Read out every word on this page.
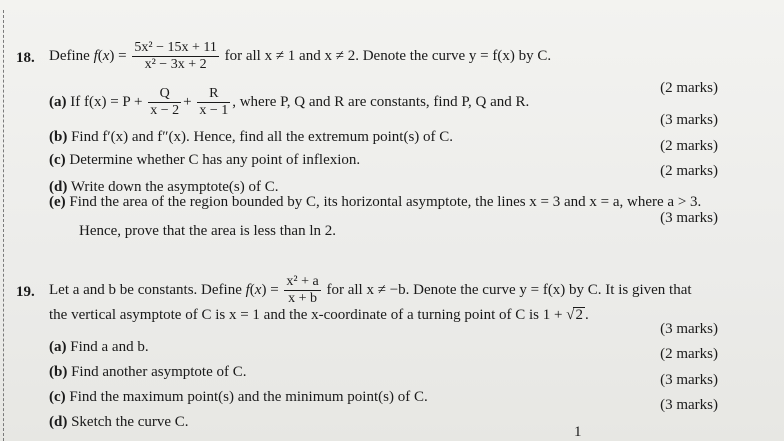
18. Define $f(x) = \frac{\text{5x² − 15x + 11}}{\text{x² − 3x + 2}}$ for all x ≠ 1 and x ≠ 2. Denote the curve y = f(x) by C.
(a) If $f(x) = P + \frac{Q}{x - 2} + \frac{R}{x - 1}$ , where P, Q and R are constants, find P, Q and R.
(2 marks)
(3 marks)
(b) Find f′(x) and f″(x). Hence, find all the extremum point(s) of C.
(2 marks)
(c) Determine whether C has any point of inflexion.
(2 marks)
(d) Write down the asymptote(s) of C.
(e) Find the area of the region bounded by C, its horizontal asymptote, the lines x = 3 and x = a, where a > 3.
(3 marks)
Hence, prove that the area is less than ln 2.
19. Let a and b be constants. Define $f(x) = \frac{\text{x² + a}}{x + b}$ for all x ≠ −b. Denote the curve y = f(x) by C. It is given that
the vertical asymptote of C is x = 1 and the x-coordinate of a turning point of C is 1 + √2 .
(3 marks)
(a) Find a and b.	(2 marks)
(b) Find another asymptote of C.	(3 marks)
(c) Find the maximum point(s) and the minimum point(s) of C.	(3 marks)
(d) Sketch the curve C.
1
